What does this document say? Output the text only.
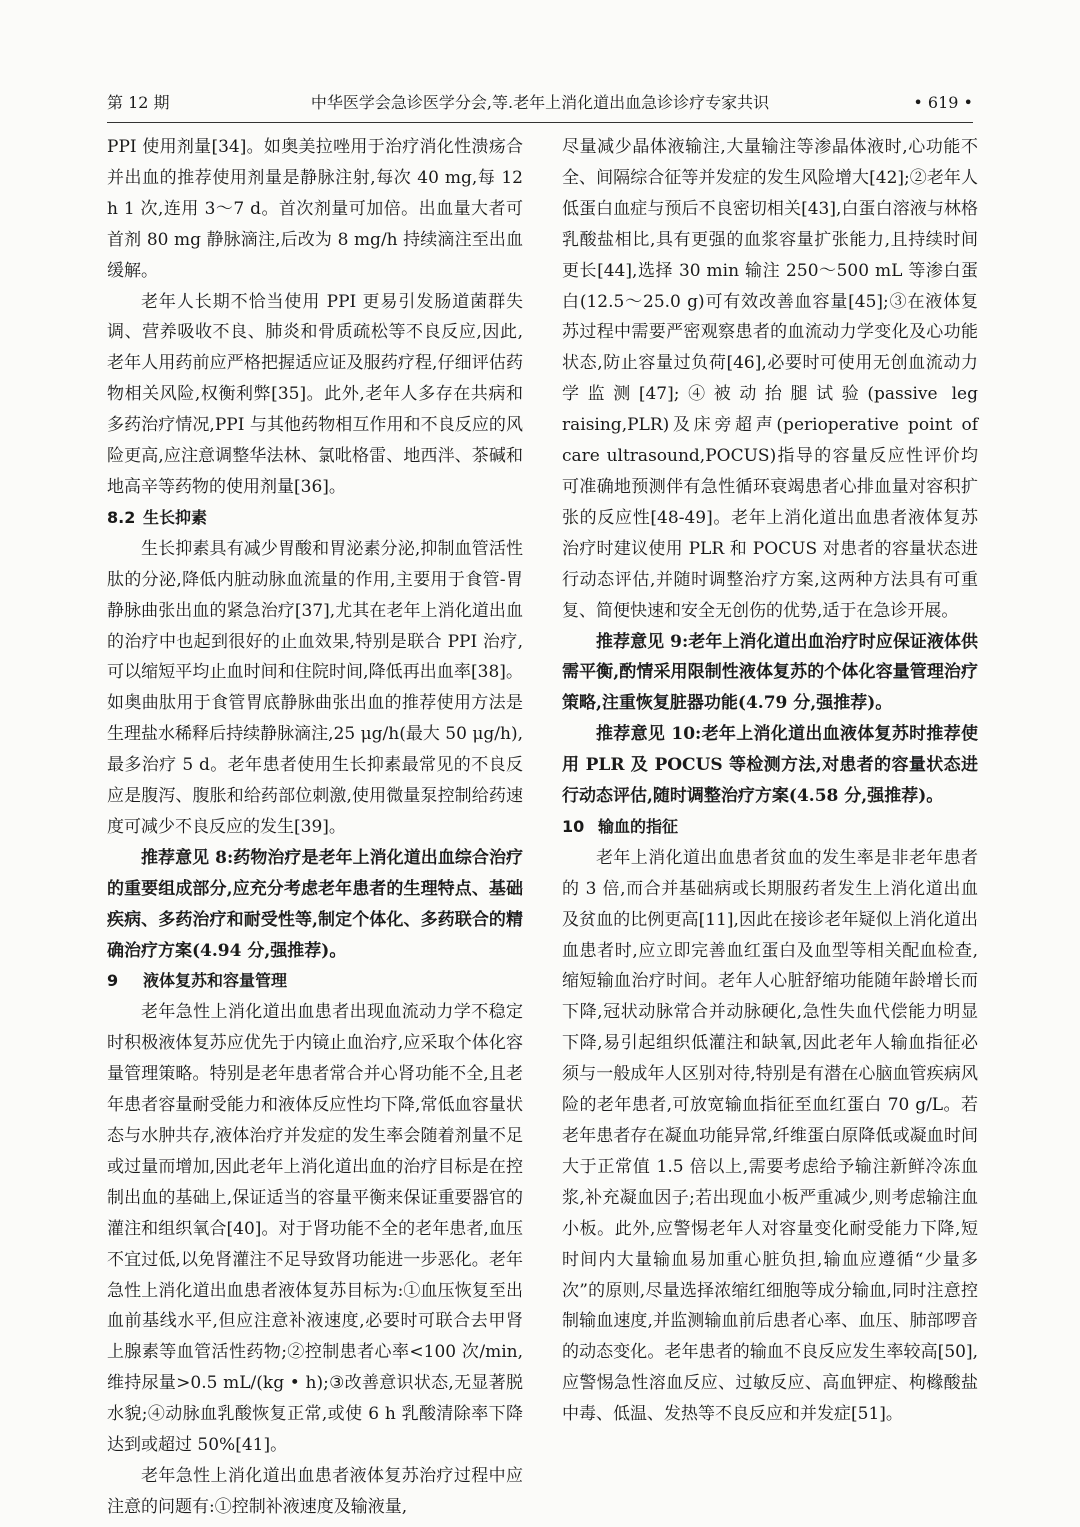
第 12 期	中华医学会急诊医学分会,等.老年上消化道出血急诊诊疗专家共识	• 619 •

PPI 使用剂量[34]。如奥美拉唑用于治疗消化性溃疡合并出血的推荐使用剂量是静脉注射,每次 40 mg,每 12 h 1 次,连用 3～7 d。首次剂量可加倍。出血量大者可首剂 80 mg 静脉滴注,后改为 8 mg/h 持续滴注至出血缓解。

老年人长期不恰当使用 PPI 更易引发肠道菌群失调、营养吸收不良、肺炎和骨质疏松等不良反应,因此,老年人用药前应严格把握适应证及服药疗程,仔细评估药物相关风险,权衡利弊[35]。此外,老年人多存在共病和多药治疗情况,PPI 与其他药物相互作用和不良反应的风险更高,应注意调整华法林、氯吡格雷、地西泮、茶碱和地高辛等药物的使用剂量[36]。

8.2 生长抑素

生长抑素具有减少胃酸和胃泌素分泌,抑制血管活性肽的分泌,降低内脏动脉血流量的作用,主要用于食管-胃静脉曲张出血的紧急治疗[37],尤其在老年上消化道出血的治疗中也起到很好的止血效果,特别是联合 PPI 治疗,可以缩短平均止血时间和住院时间,降低再出血率[38]。如奥曲肽用于食管胃底静脉曲张出血的推荐使用方法是生理盐水稀释后持续静脉滴注,25 μg/h(最大 50 μg/h),最多治疗 5 d。老年患者使用生长抑素最常见的不良反应是腹泻、腹胀和给药部位刺激,使用微量泵控制给药速度可减少不良反应的发生[39]。

推荐意见 8:药物治疗是老年上消化道出血综合治疗的重要组成部分,应充分考虑老年患者的生理特点、基础疾病、多药治疗和耐受性等,制定个体化、多药联合的精确治疗方案(4.94 分,强推荐)。

9 液体复苏和容量管理

老年急性上消化道出血患者出现血流动力学不稳定时积极液体复苏应优先于内镜止血治疗,应采取个体化容量管理策略。特别是老年患者常合并心肾功能不全,且老年患者容量耐受能力和液体反应性均下降,常低血容量状态与水肿共存,液体治疗并发症的发生率会随着剂量不足或过量而增加,因此老年上消化道出血的治疗目标是在控制出血的基础上,保证适当的容量平衡来保证重要器官的灌注和组织氧合[40]。对于肾功能不全的老年患者,血压不宜过低,以免肾灌注不足导致肾功能进一步恶化。老年急性上消化道出血患者液体复苏目标为:①血压恢复至出血前基线水平,但应注意补液速度,必要时可联合去甲肾上腺素等血管活性药物;②控制患者心率<100 次/min,维持尿量>0.5 mL/(kg • h);③改善意识状态,无显著脱水貌;④动脉血乳酸恢复正常,或使 6 h 乳酸清除率下降达到或超过 50%[41]。

老年急性上消化道出血患者液体复苏治疗过程中应注意的问题有:①控制补液速度及输液量,

尽量减少晶体液输注,大量输注等渗晶体液时,心功能不全、间隔综合征等并发症的发生风险增大[42];②老年人低蛋白血症与预后不良密切相关[43],白蛋白溶液与林格乳酸盐相比,具有更强的血浆容量扩张能力,且持续时间更长[44],选择 30 min 输注 250～500 mL 等渗白蛋白(12.5～25.0 g)可有效改善血容量[45];③在液体复苏过程中需要严密观察患者的血流动力学变化及心功能状态,防止容量过负荷[46],必要时可使用无创血流动力学监测[47];④被动抬腿试验(passive leg raising,PLR)及床旁超声(perioperative point of care ultrasound,POCUS)指导的容量反应性评价均可准确地预测伴有急性循环衰竭患者心排血量对容积扩张的反应性[48-49]。老年上消化道出血患者液体复苏治疗时建议使用 PLR 和 POCUS 对患者的容量状态进行动态评估,并随时调整治疗方案,这两种方法具有可重复、简便快速和安全无创伤的优势,适于在急诊开展。

推荐意见 9:老年上消化道出血治疗时应保证液体供需平衡,酌情采用限制性液体复苏的个体化容量管理治疗策略,注重恢复脏器功能(4.79 分,强推荐)。

推荐意见 10:老年上消化道出血液体复苏时推荐使用 PLR 及 POCUS 等检测方法,对患者的容量状态进行动态评估,随时调整治疗方案(4.58 分,强推荐)。

10 输血的指征

老年上消化道出血患者贫血的发生率是非老年患者的 3 倍,而合并基础病或长期服药者发生上消化道出血及贫血的比例更高[11],因此在接诊老年疑似上消化道出血患者时,应立即完善血红蛋白及血型等相关配血检查,缩短输血治疗时间。老年人心脏舒缩功能随年龄增长而下降,冠状动脉常合并动脉硬化,急性失血代偿能力明显下降,易引起组织低灌注和缺氧,因此老年人输血指征必须与一般成年人区别对待,特别是有潜在心脑血管疾病风险的老年患者,可放宽输血指征至血红蛋白 70 g/L。若老年患者存在凝血功能异常,纤维蛋白原降低或凝血时间大于正常值 1.5 倍以上,需要考虑给予输注新鲜冷冻血浆,补充凝血因子;若出现血小板严重减少,则考虑输注血小板。此外,应警惕老年人对容量变化耐受能力下降,短时间内大量输血易加重心脏负担,输血应遵循“少量多次”的原则,尽量选择浓缩红细胞等成分输血,同时注意控制输血速度,并监测输血前后患者心率、血压、肺部啰音的动态变化。老年患者的输血不良反应发生率较高[50],应警惕急性溶血反应、过敏反应、高血钾症、枸橼酸盐中毒、低温、发热等不良反应和并发症[51]。
